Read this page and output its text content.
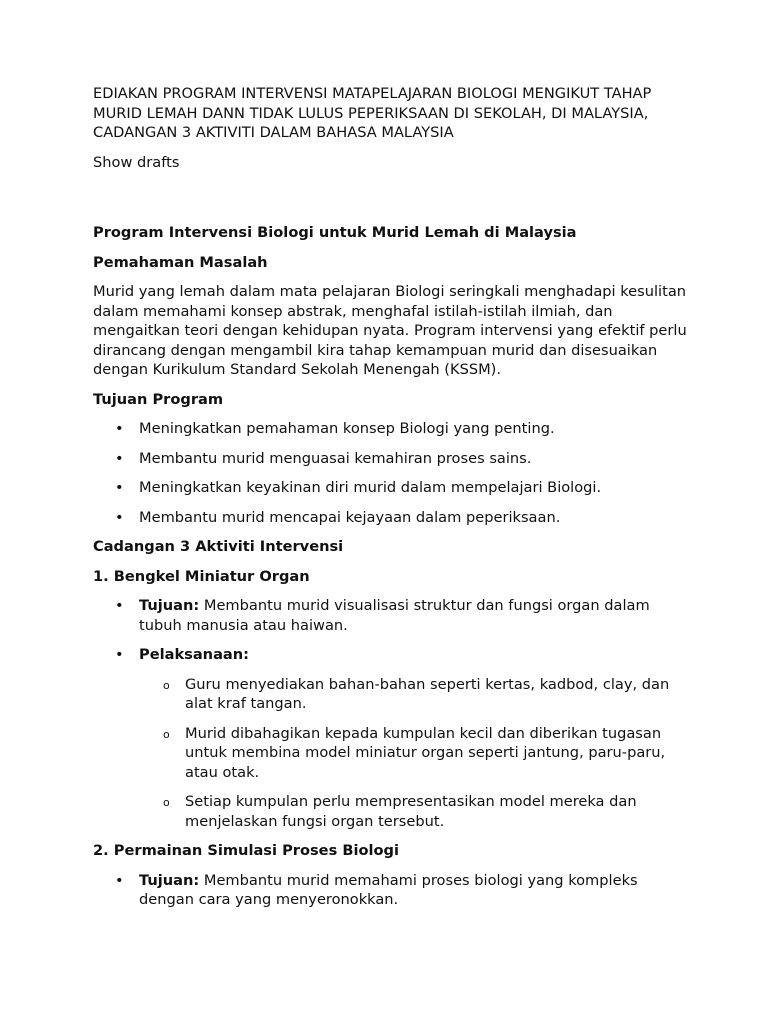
EDIAKAN PROGRAM INTERVENSI MATAPELAJARAN BIOLOGI MENGIKUT TAHAP MURID LEMAH DANN TIDAK LULUS PEPERIKSAAN DI SEKOLAH, DI MALAYSIA, CADANGAN 3 AKTIVITI DALAM BAHASA MALAYSIA

Show drafts

Program Intervensi Biologi untuk Murid Lemah di Malaysia
Pemahaman Masalah

Murid yang lemah dalam mata pelajaran Biologi seringkali menghadapi kesulitan dalam memahami konsep abstrak, menghafal istilah-istilah ilmiah, dan mengaitkan teori dengan kehidupan nyata. Program intervensi yang efektif perlu dirancang dengan mengambil kira tahap kemampuan murid dan disesuaikan dengan Kurikulum Standard Sekolah Menengah (KSSM).

Tujuan Program
• Meningkatkan pemahaman konsep Biologi yang penting.
• Membantu murid menguasai kemahiran proses sains.
• Meningkatkan keyakinan diri murid dalam mempelajari Biologi.
• Membantu murid mencapai kejayaan dalam peperiksaan.
Cadangan 3 Aktiviti Intervensi
1. Bengkel Miniatur Organ
• Tujuan: Membantu murid visualisasi struktur dan fungsi organ dalam tubuh manusia atau haiwan.
• Pelaksanaan:
o Guru menyediakan bahan-bahan seperti kertas, kadbod, clay, dan alat kraf tangan.
o Murid dibahagikan kepada kumpulan kecil dan diberikan tugasan untuk membina model miniatur organ seperti jantung, paru-paru, atau otak.
o Setiap kumpulan perlu mempresentasikan model mereka dan menjelaskan fungsi organ tersebut.
2. Permainan Simulasi Proses Biologi
• Tujuan: Membantu murid memahami proses biologi yang kompleks dengan cara yang menyeronokkan.
